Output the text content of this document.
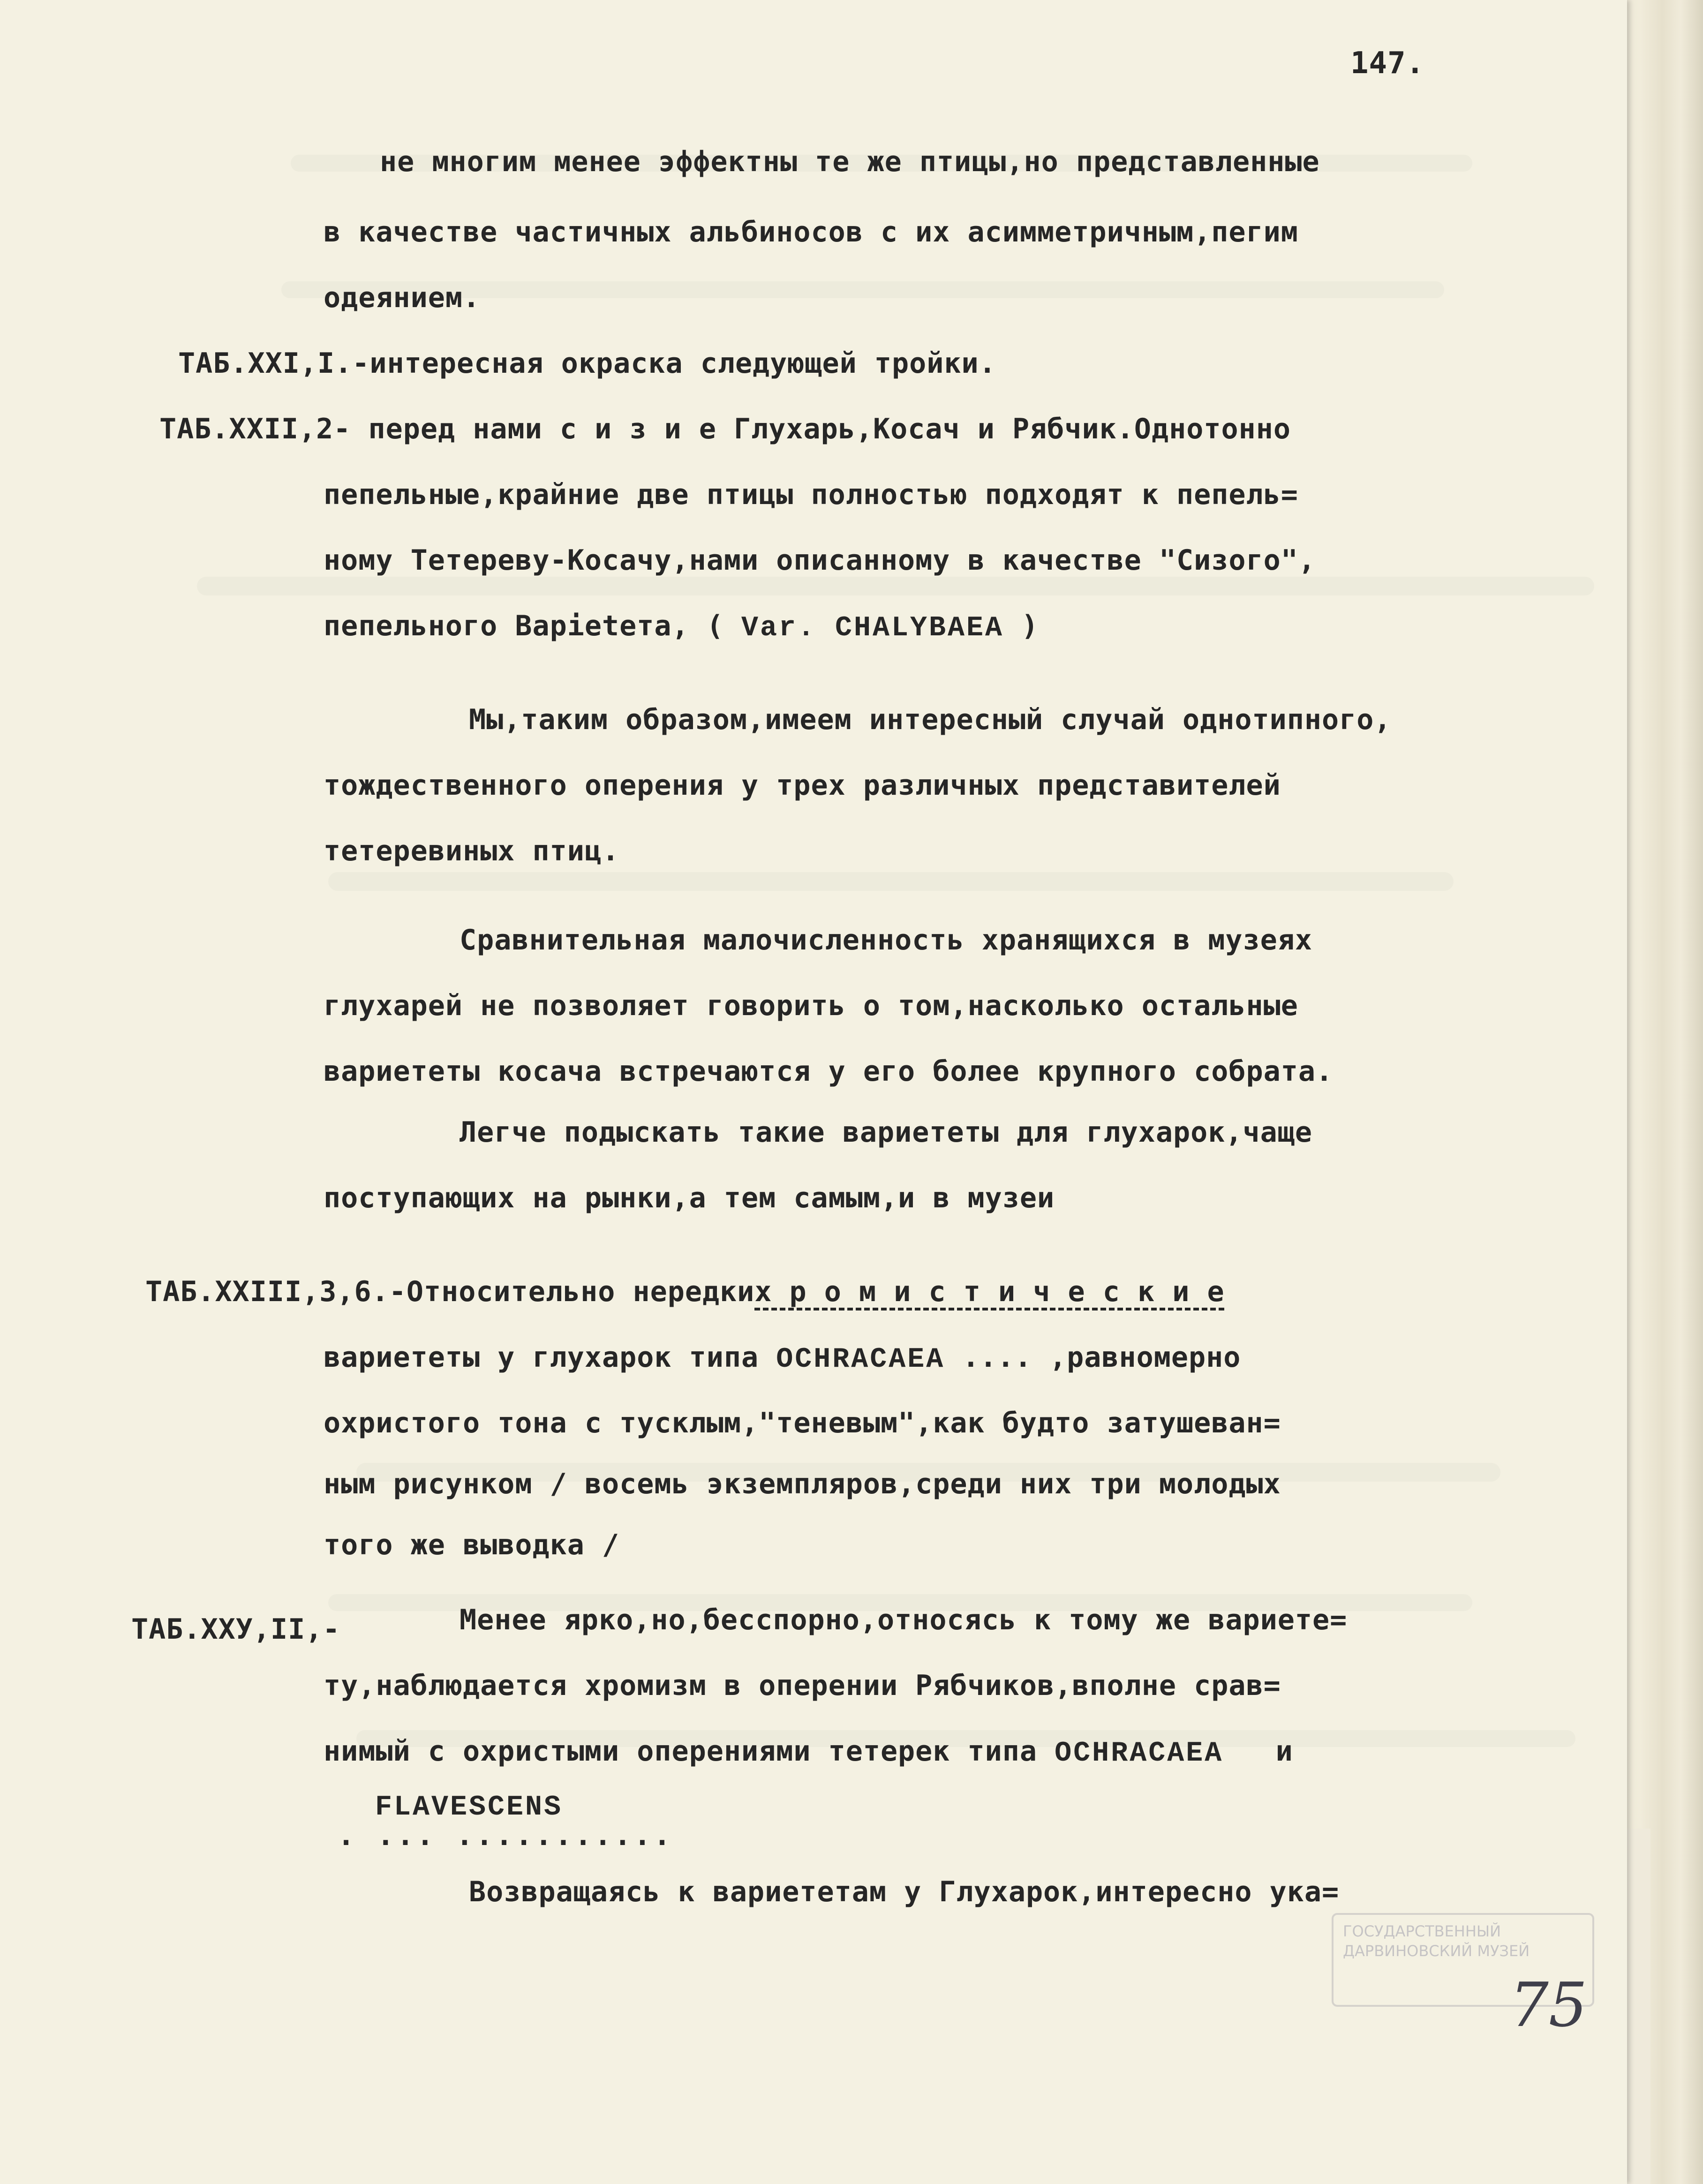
147.
не многим менее эффектны те же птицы,но представленные
в качестве частичных альбиносов с их асимметричным,пегим
одеянием.
ТАБ.ХХI,I.-интересная окраска следующей тройки.
ТАБ.ХХII,2- перед нами с и з и е Глухарь,Косач и Рябчик.Однотонно
пепельные,крайние две птицы полностью подходят к пепель=
ному Тетереву-Косачу,нами описанному в качестве "Сизого",
пепельного Варietета, ( Var. CHALYBAEA )
Мы,таким образом,имеем интересный случай однотипного,
тождественного оперения у трех различных представителей
тетеревиных птиц.
Сравнительная малочисленность хранящихся в музеях
глухарей не позволяет говорить о том,насколько остальные
вариететы косача встречаются у его более крупного собрата.
Легче подыскать такие вариететы для глухарок,чаще
поступающих на рынки,а тем самым,и в музеи
ТАБ.ХХIII,3,6.-Относительно нередких р о м и с т и ч е с к и е
вариететы у глухарок типа OCHRACAEA .... ,равномерно
охристого тона с тусклым,"теневым",как будто затушеван=
ным рисунком / восемь экземпляров,среди них три молодых
того же выводка /
ТАБ.ХХУ,II,-	Менее ярко,но,бесспорно,относясь к тому же вариете=
ту,наблюдается хромизм в оперении Рябчиков,вполне срав=
нимый с охристыми оперениями тетерек типа OCHRACAEA   и
FLAVESCENS
. ... ...........
Возвращаясь к вариететам у Глухарок,интересно ука=
ГОСУДАРСТВЕННЫЙ
ДАРВИНОВСКИЙ МУЗЕЙ
75
